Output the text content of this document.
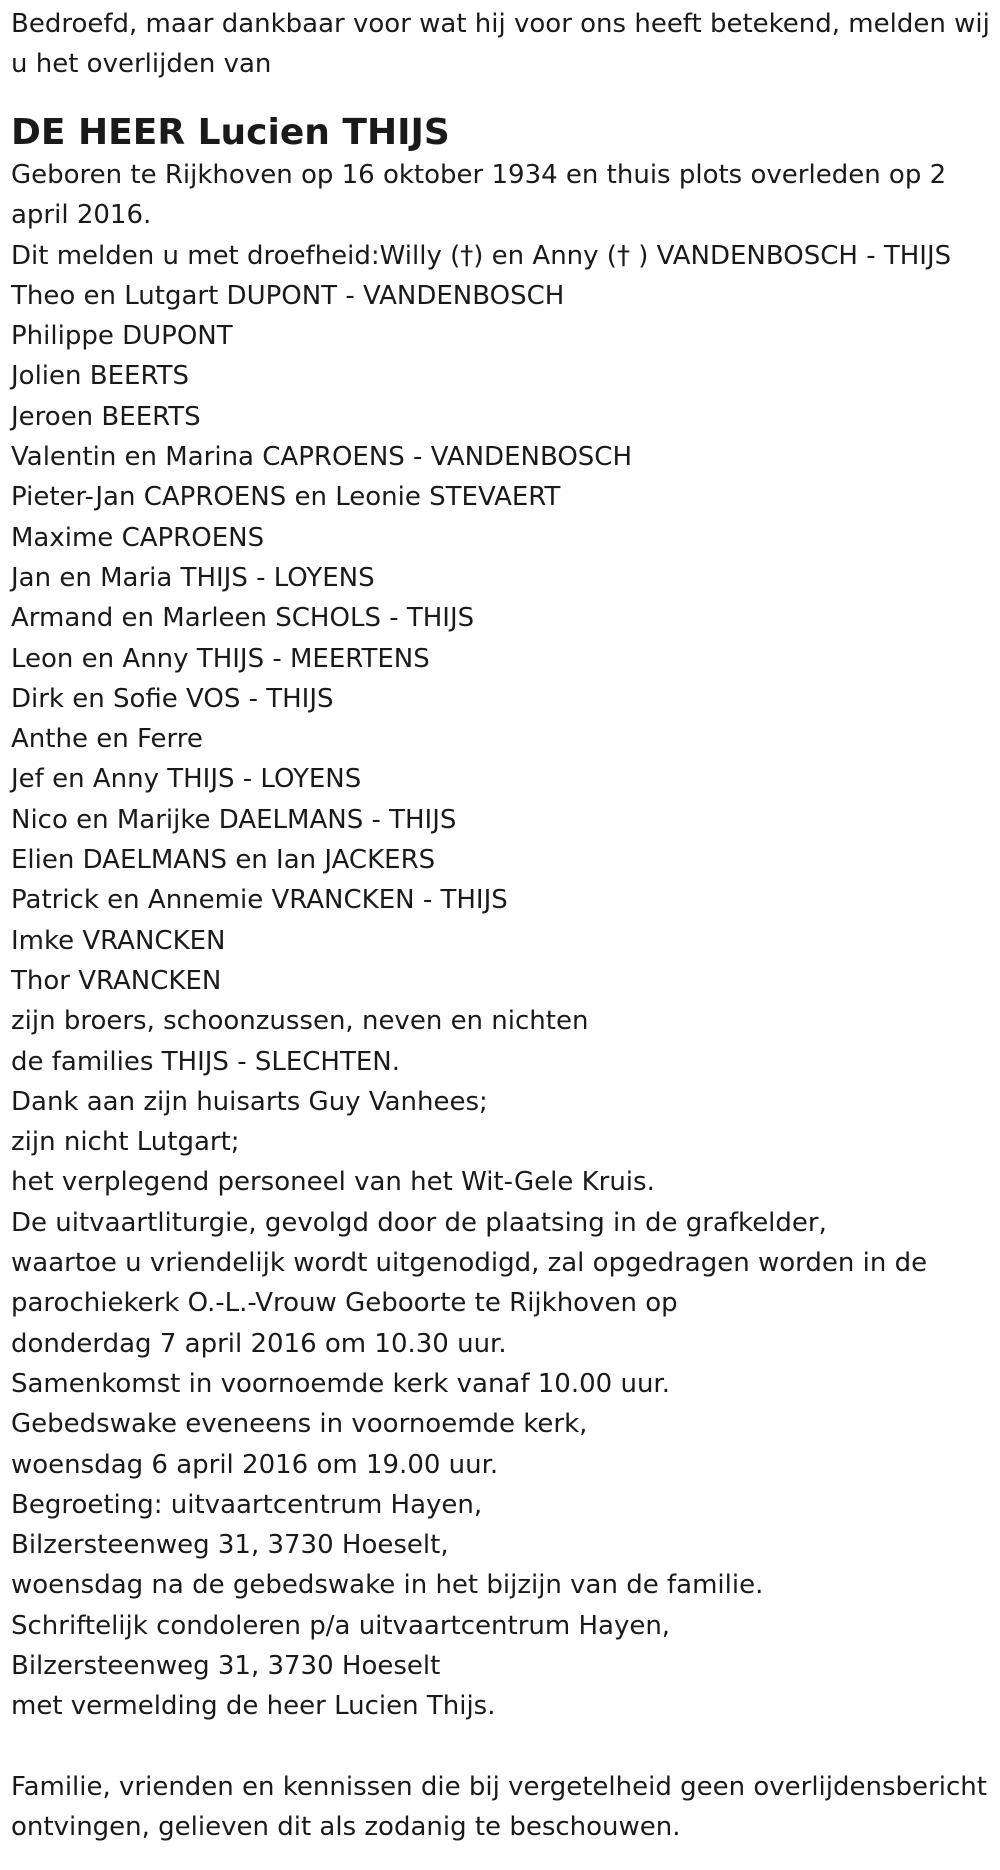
Bedroefd, maar dankbaar voor wat hij voor ons heeft betekend, melden wij u het overlijden van

DE HEER Lucien THIJS
Geboren te Rijkhoven op 16 oktober 1934 en thuis plots overleden op 2 april 2016.
Dit melden u met droefheid:Willy (†) en Anny († ) VANDENBOSCH - THIJS
Theo en Lutgart DUPONT - VANDENBOSCH
Philippe DUPONT
Jolien BEERTS
Jeroen BEERTS
Valentin en Marina CAPROENS - VANDENBOSCH
Pieter-Jan CAPROENS en Leonie STEVAERT
Maxime CAPROENS
Jan en Maria THIJS - LOYENS
Armand en Marleen SCHOLS - THIJS
Leon en Anny THIJS - MEERTENS
Dirk en Sofie VOS - THIJS
Anthe en Ferre
Jef en Anny THIJS - LOYENS
Nico en Marijke DAELMANS - THIJS
Elien DAELMANS en Ian JACKERS
Patrick en Annemie VRANCKEN - THIJS
Imke VRANCKEN
Thor VRANCKEN
zijn broers, schoonzussen, neven en nichten
de families THIJS - SLECHTEN.
Dank aan zijn huisarts Guy Vanhees;
zijn nicht Lutgart;
het verplegend personeel van het Wit-Gele Kruis.
De uitvaartliturgie, gevolgd door de plaatsing in de grafkelder,
waartoe u vriendelijk wordt uitgenodigd, zal opgedragen worden in de
parochiekerk O.-L.-Vrouw Geboorte te Rijkhoven op
donderdag 7 april 2016 om 10.30 uur.
Samenkomst in voornoemde kerk vanaf 10.00 uur.
Gebedswake eveneens in voornoemde kerk,
woensdag 6 april 2016 om 19.00 uur.
Begroeting: uitvaartcentrum Hayen,
Bilzersteenweg 31, 3730 Hoeselt,
woensdag na de gebedswake in het bijzijn van de familie.
Schriftelijk condoleren p/a uitvaartcentrum Hayen,
Bilzersteenweg 31, 3730 Hoeselt
met vermelding de heer Lucien Thijs.

Familie, vrienden en kennissen die bij vergetelheid geen overlijdensbericht ontvingen, gelieven dit als zodanig te beschouwen.
